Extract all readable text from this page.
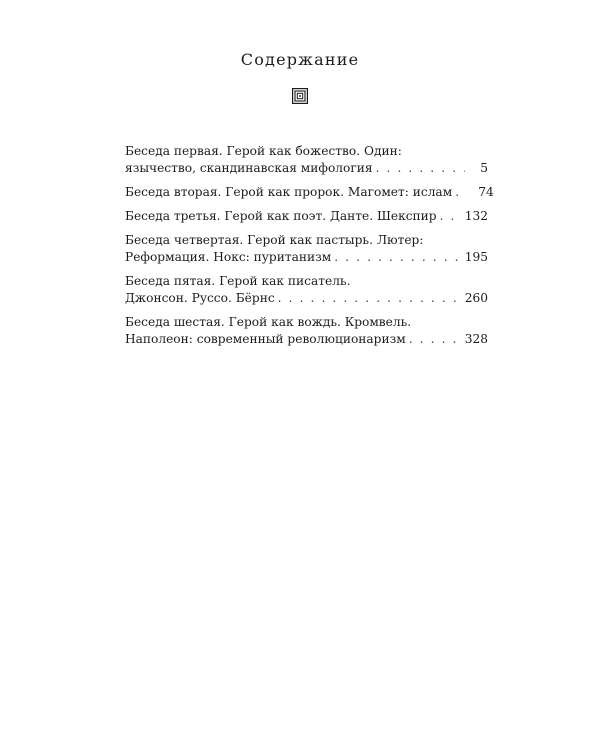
Содержание
Беседа первая. Герой как божество. Один:
язычество, скандинавская мифология . . .	5
Беседа вторая. Герой как пророк. Магомет: ислам . . .	74
Беседа третья. Герой как поэт. Данте. Шекспир . . . 132
Беседа четвертая. Герой как пастырь. Лютер:
Реформация. Нокс: пуританизм . . .	195
Беседа пятая. Герой как писатель.
Джонсон. Руссо. Бёрнс . . .	260
Беседа шестая. Герой как вождь. Кромвель.
Наполеон: современный революционаризм . . .	328
